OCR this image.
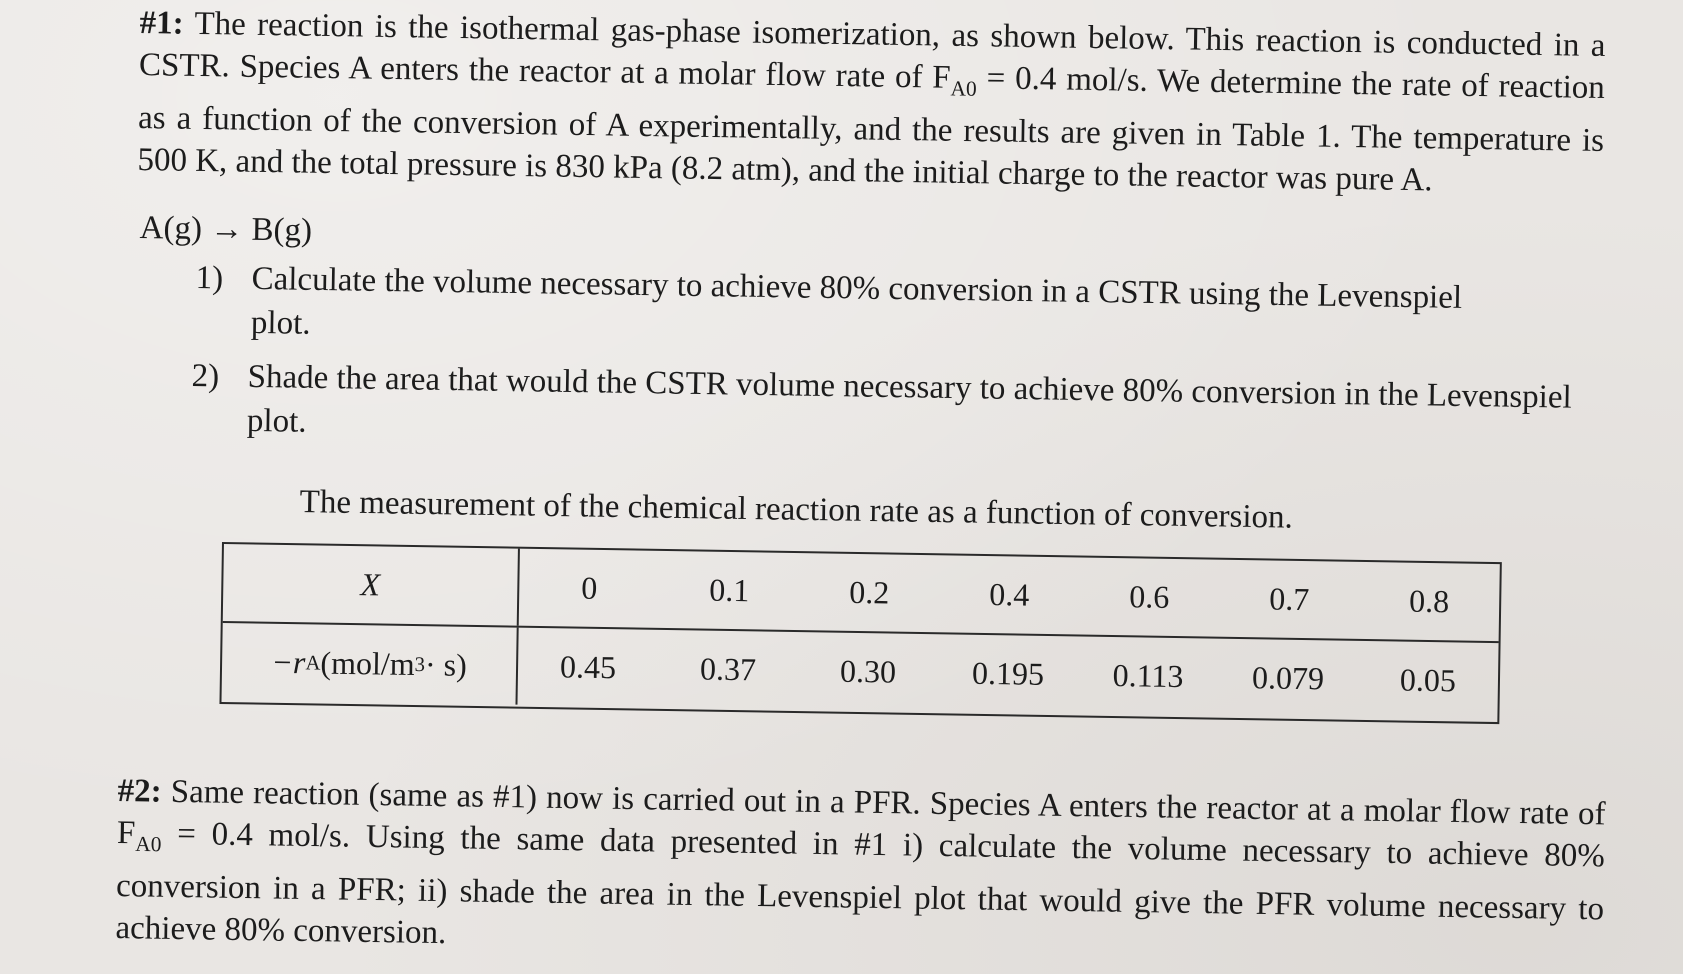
#1: The reaction is the isothermal gas-phase isomerization, as shown below. This reaction is conducted in a CSTR. Species A enters the reactor at a molar flow rate of $F_{A0} = 0.4$ mol/s. We determine the rate of reaction as a function of the conversion of A experimentally, and the results are given in Table 1. The temperature is 500 K, and the total pressure is 830 kPa (8.2 atm), and the initial charge to the reactor was pure A.
A(g) → B(g)
1) Calculate the volume necessary to achieve 80% conversion in a CSTR using the Levenspiel plot.
2) Shade the area that would the CSTR volume necessary to achieve 80% conversion in the Levenspiel plot.
The measurement of the chemical reaction rate as a function of conversion.
X	0	0.1	0.2	0.4	0.6	0.7	0.8
−r A (mol/m 3 · s)	0.45	0.37	0.30	0.195	0.113	0.079	0.05
#2: Same reaction (same as #1) now is carried out in a PFR. Species A enters the reactor at a molar flow rate of $F_{A0} = 0.4$ mol/s. Using the same data presented in #1 i) calculate the volume necessary to achieve 80% conversion in a PFR; ii) shade the area in the Levenspiel plot that would give the PFR volume necessary to achieve 80% conversion.
